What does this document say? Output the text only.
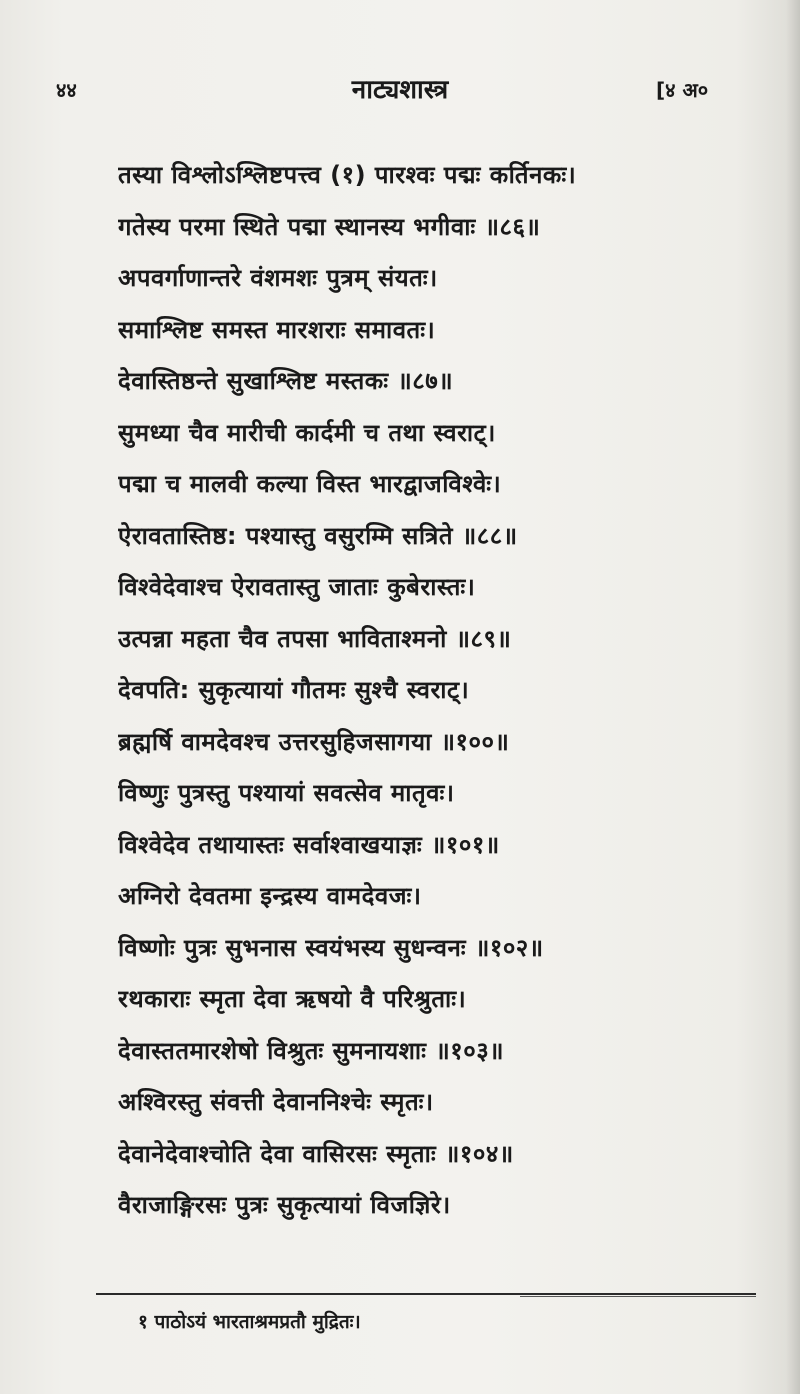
४४	नाट्यशास्त्र	[४ अ०
तस्या विश्लोऽश्लिष्टपत्त्व (१) पारश्वः पद्मः कर्तिनकः।
गतेस्य परमा स्थिते पद्मा स्थानस्य भगीवाः ॥८६॥
अपवर्गाणान्तरे वंशमशः पुत्रम् संयतः।
समाश्लिष्ट समस्त मारशराः समावतः।
देवास्तिष्ठन्ते सुखाश्लिष्ट मस्तकः ॥८७॥
सुमध्या चैव मारीची कार्दमी च तथा स्वराट्।
पद्मा च मालवी कल्या विस्त भारद्वाजविश्वेः।
ऐरावतास्तिष्ठ: पश्यास्तु वसुरम्मि सत्रिते ॥८८॥
विश्वेदेवाश्च ऐरावतास्तु जाताः कुबेरास्तः।
उत्पन्ना महता चैव तपसा भाविताश्मनो ॥८९॥
देवपति: सुकृत्यायां गौतमः सुश्चै स्वराट्।
ब्रह्मर्षि वामदेवश्च उत्तरसुहिजसागया ॥१००॥
विष्णुः पुत्रस्तु पश्यायां सवत्सेव मातृवः।
विश्वेदेव तथायास्तः सर्वाश्वाखयाज्ञः ॥१०१॥
अग्निरो देवतमा इन्द्रस्य वामदेवजः।
विष्णोः पुत्रः सुभनास स्वयंभस्य सुधन्वनः ॥१०२॥
रथकाराः स्मृता देवा ऋषयो वै परिश्रुताः।
देवास्ततमारशेषो विश्रुतः सुमनायशाः ॥१०३॥
अश्विरस्तु संवत्ती देवाननिश्चेः स्मृतः।
देवानेदेवाश्चोति देवा वासिरसः स्मृताः ॥१०४॥
वैराजाङ्गिरसः पुत्रः सुकृत्यायां विजज्ञिरे।
१ पाठोऽयं भारताश्रमप्रतौ मुद्रितः।
